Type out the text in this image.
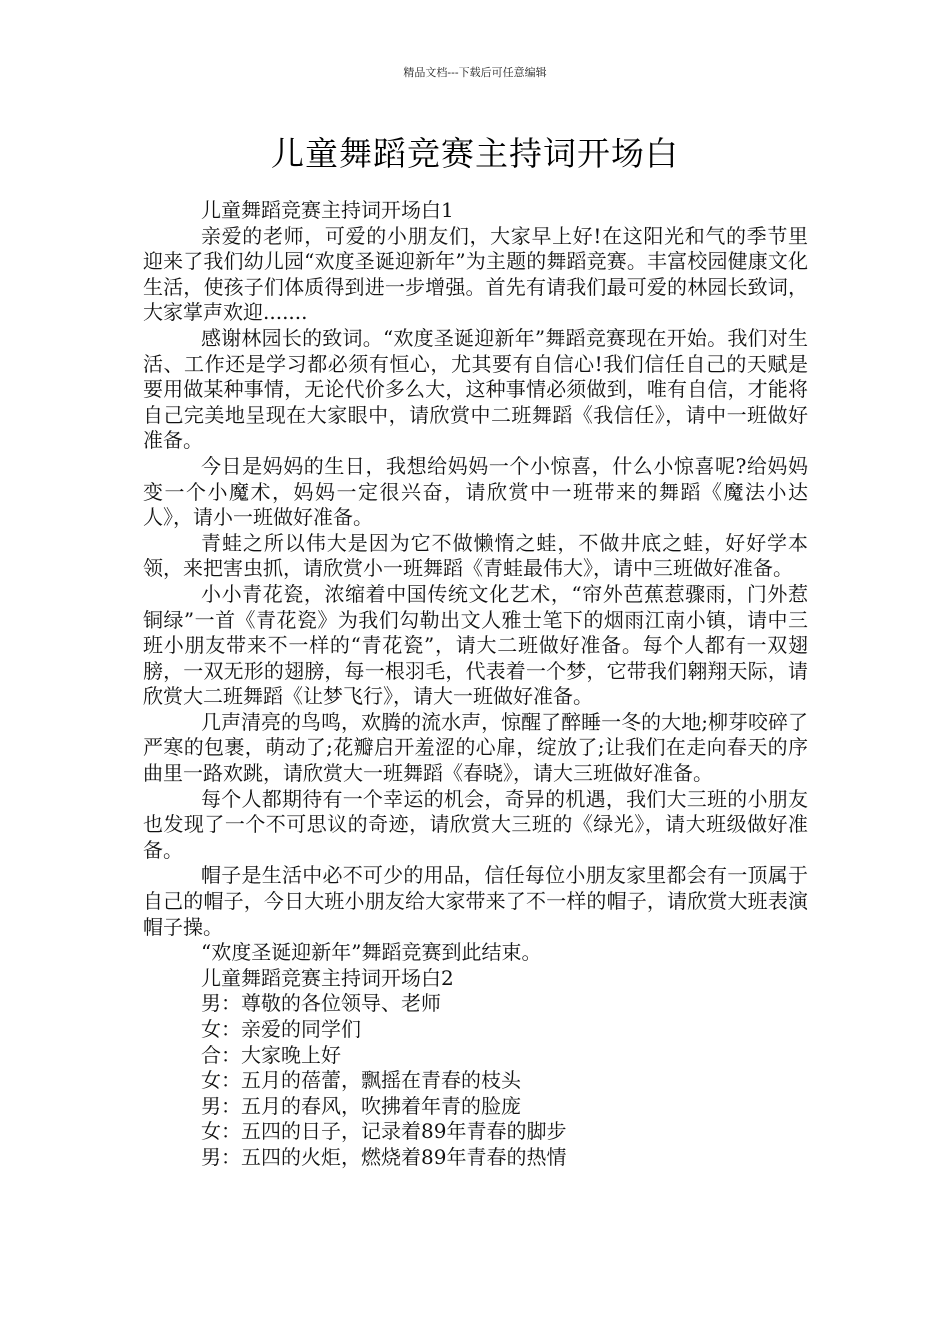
精品文档---下载后可任意编辑
儿童舞蹈竞赛主持词开场白

儿童舞蹈竞赛主持词开场白1

亲爱的老师，可爱的小朋友们，大家早上好!在这阳光和气的季节里迎来了我们幼儿园“欢度圣诞迎新年”为主题的舞蹈竞赛。丰富校园健康文化生活，使孩子们体质得到进一步增强。首先有请我们最可爱的林园长致词，大家掌声欢迎.......

感谢林园长的致词。“欢度圣诞迎新年”舞蹈竞赛现在开始。我们对生活、工作还是学习都必须有恒心，尤其要有自信心!我们信任自己的天赋是要用做某种事情，无论代价多么大，这种事情必须做到，唯有自信，才能将自己完美地呈现在大家眼中，请欣赏中二班舞蹈《我信任》，请中一班做好准备。

今日是妈妈的生日，我想给妈妈一个小惊喜，什么小惊喜呢?给妈妈变一个小魔术，妈妈一定很兴奋，请欣赏中一班带来的舞蹈《魔法小达人》，请小一班做好准备。

青蛙之所以伟大是因为它不做懒惰之蛙，不做井底之蛙，好好学本领，来把害虫抓，请欣赏小一班舞蹈《青蛙最伟大》，请中三班做好准备。

小小青花瓷，浓缩着中国传统文化艺术，“帘外芭蕉惹骤雨，门外惹铜绿”一首《青花瓷》为我们勾勒出文人雅士笔下的烟雨江南小镇，请中三班小朋友带来不一样的“青花瓷”，请大二班做好准备。每个人都有一双翅膀，一双无形的翅膀，每一根羽毛，代表着一个梦，它带我们翱翔天际，请欣赏大二班舞蹈《让梦飞行》，请大一班做好准备。

几声清亮的鸟鸣，欢腾的流水声，惊醒了醉睡一冬的大地;柳芽咬碎了严寒的包裹，萌动了;花瓣启开羞涩的心扉，绽放了;让我们在走向春天的序曲里一路欢跳，请欣赏大一班舞蹈《春晓》，请大三班做好准备。

每个人都期待有一个幸运的机会，奇异的机遇，我们大三班的小朋友也发现了一个不可思议的奇迹，请欣赏大三班的《绿光》，请大班级做好准备。

帽子是生活中必不可少的用品，信任每位小朋友家里都会有一顶属于自己的帽子，今日大班小朋友给大家带来了不一样的帽子，请欣赏大班表演帽子操。

“欢度圣诞迎新年”舞蹈竞赛到此结束。

儿童舞蹈竞赛主持词开场白2

男：尊敬的各位领导、老师

女：亲爱的同学们

合：大家晚上好

女：五月的蓓蕾，飘摇在青春的枝头

男：五月的春风，吹拂着年青的脸庞

女：五四的日子，记录着89年青春的脚步

男：五四的火炬，燃烧着89年青春的热情
